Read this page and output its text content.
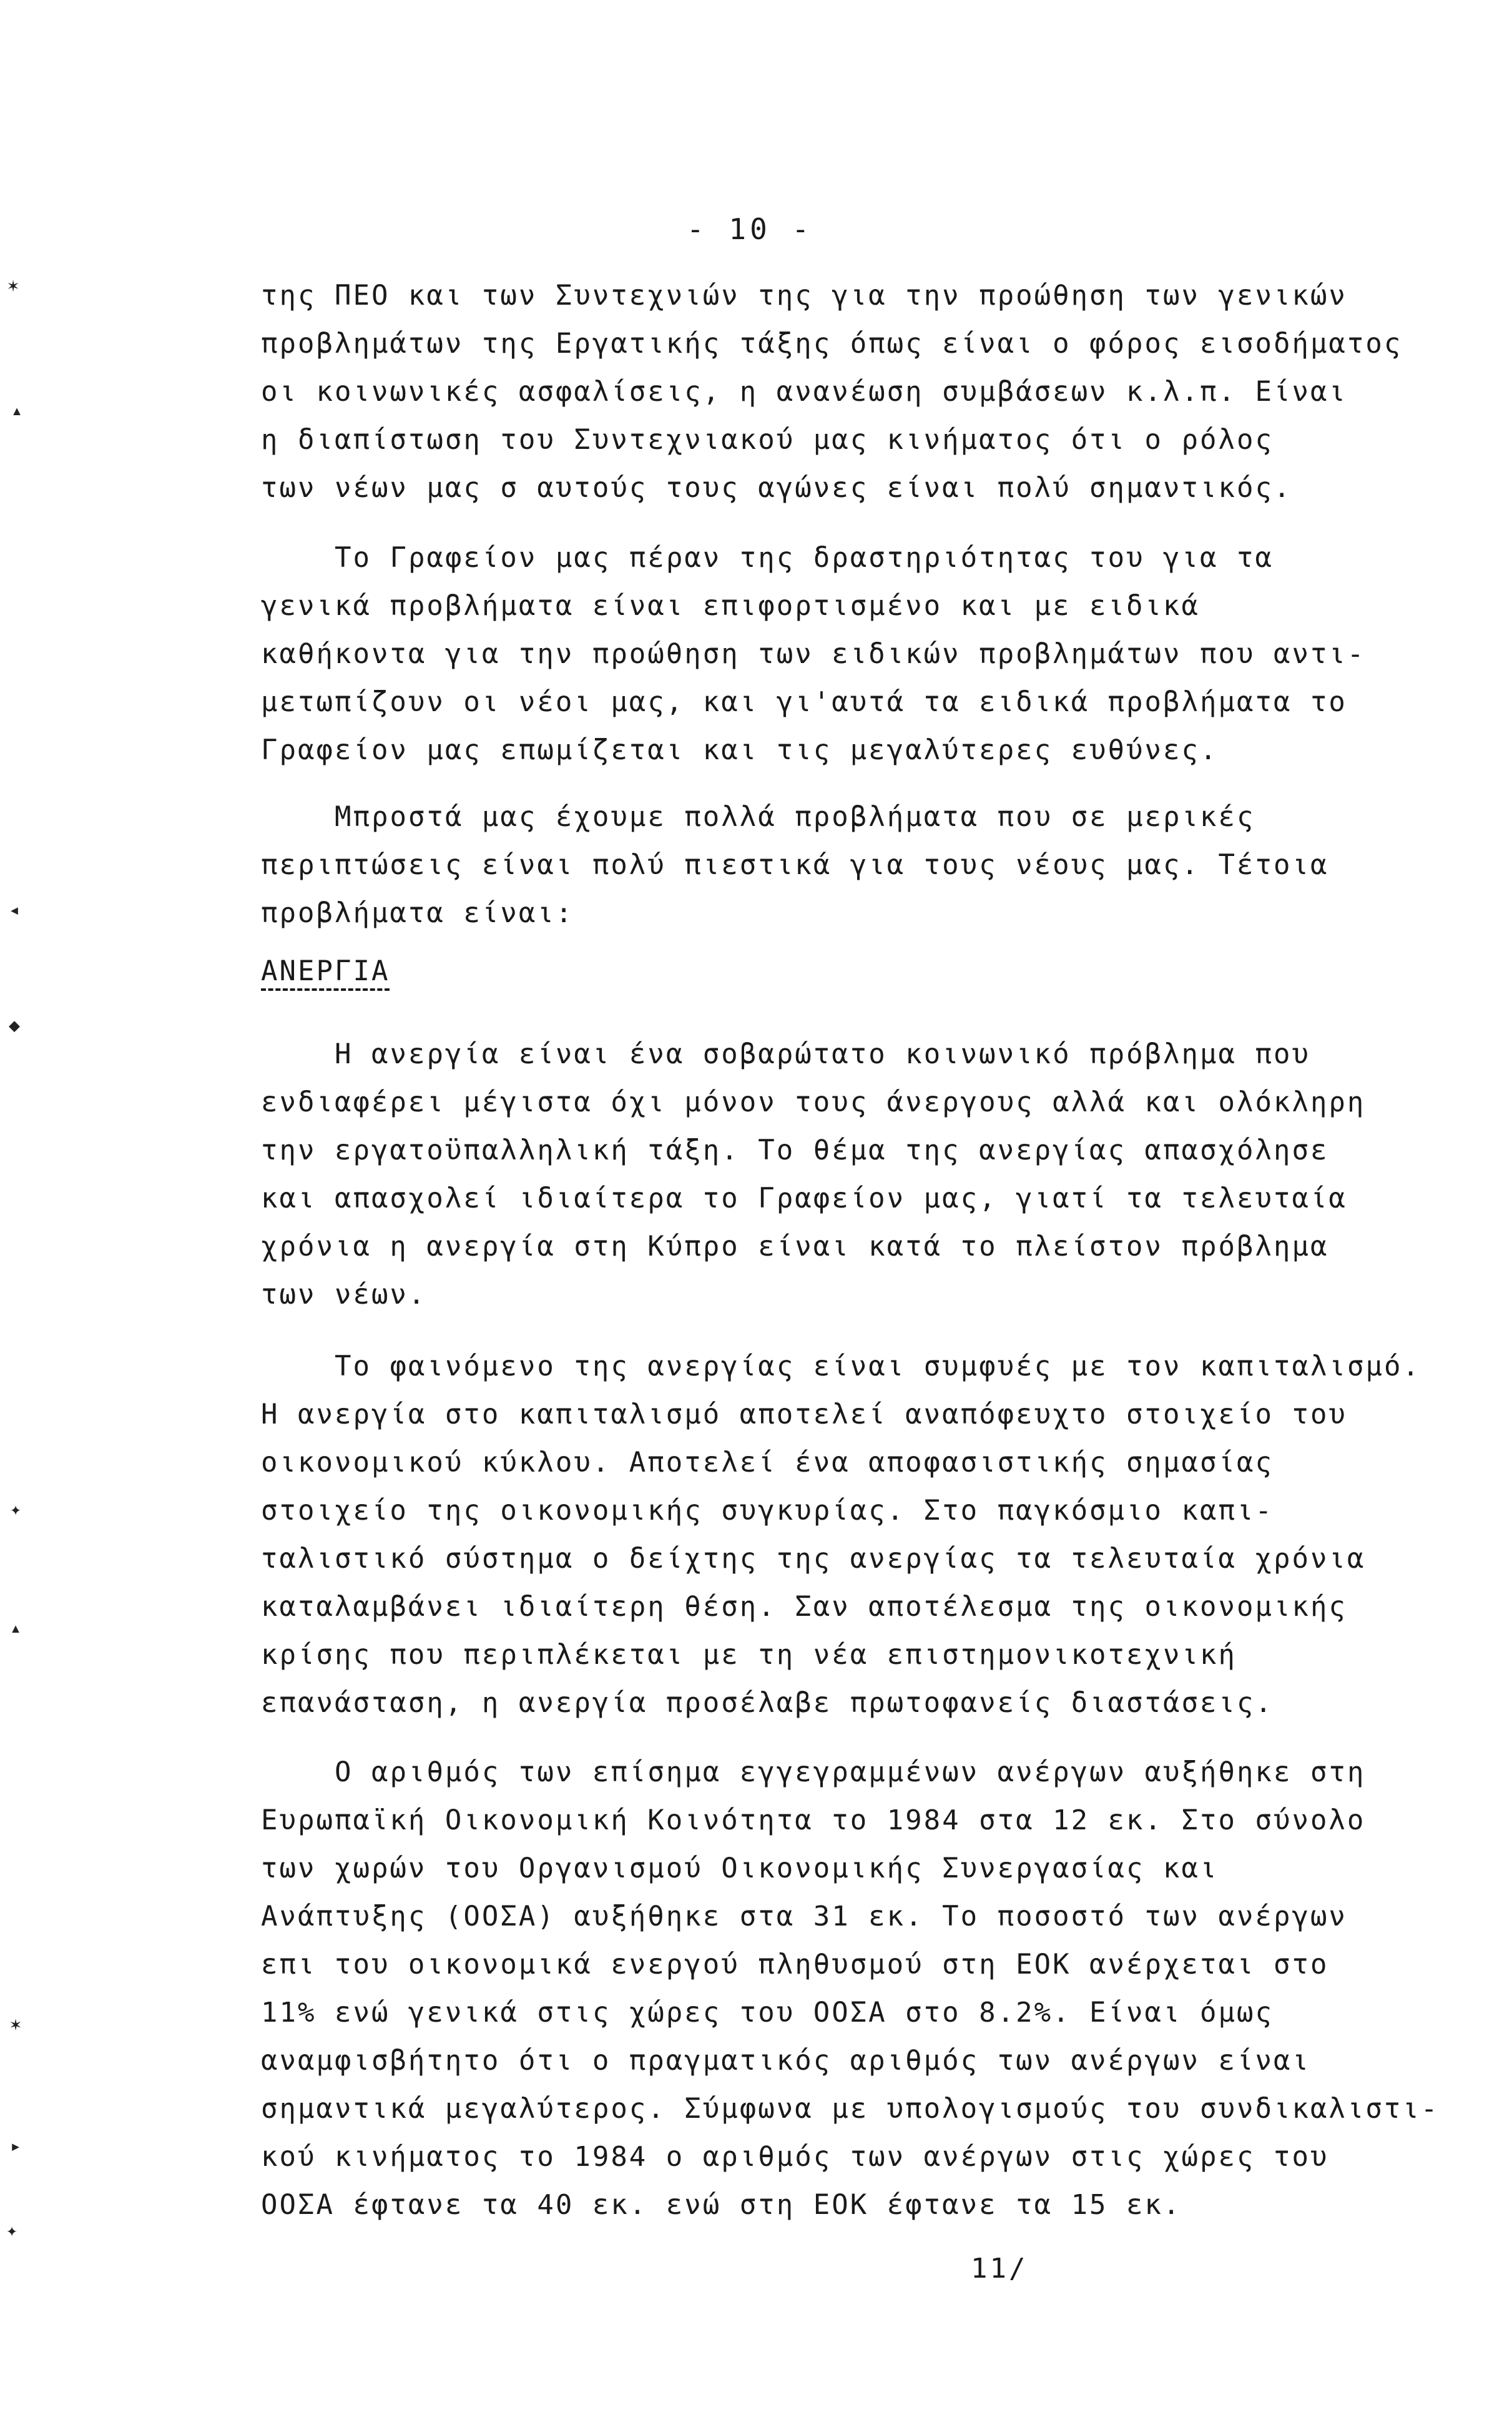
✶
▴
◂
◆
✦
▴
✶
▸
✦
- 10 -
της ΠΕΟ και των Συντεχνιών της για την προώθηση των γενικών
προβλημάτων της Εργατικής τάξης όπως είναι ο φόρος εισοδήματος
οι κοινωνικές ασφαλίσεις, η ανανέωση συμβάσεων κ.λ.π. Είναι
η διαπίστωση του Συντεχνιακού μας κινήματος ότι ο ρόλος
των νέων μας σ αυτούς τους αγώνες είναι πολύ σημαντικός.
Το Γραφείον μας πέραν της δραστηριότητας του για τα
γενικά προβλήματα είναι επιφορτισμένο και με ειδικά
καθήκοντα για την προώθηση των ειδικών προβλημάτων που αντι-
μετωπίζουν οι νέοι μας, και γι'αυτά τα ειδικά προβλήματα το
Γραφείον μας επωμίζεται και τις μεγαλύτερες ευθύνες.
Μπροστά μας έχουμε πολλά προβλήματα που σε μερικές
περιπτώσεις είναι πολύ πιεστικά για τους νέους μας. Τέτοια
προβλήματα είναι:
ΑΝΕΡΓΙΑ
Η ανεργία είναι ένα σοβαρώτατο κοινωνικό πρόβλημα που
ενδιαφέρει μέγιστα όχι μόνον τους άνεργους αλλά και ολόκληρη
την εργατοϋπαλληλική τάξη. Το θέμα της ανεργίας απασχόλησε
και απασχολεί ιδιαίτερα το Γραφείον μας, γιατί τα τελευταία
χρόνια η ανεργία στη Κύπρο είναι κατά το πλείστον πρόβλημα
των νέων.
Το φαινόμενο της ανεργίας είναι συμφυές με τον καπιταλισμό.
Η ανεργία στο καπιταλισμό αποτελεί αναπόφευχτο στοιχείο του
οικονομικού κύκλου. Αποτελεί ένα αποφασιστικής σημασίας
στοιχείο της οικονομικής συγκυρίας. Στο παγκόσμιο καπι-
ταλιστικό σύστημα ο δείχτης της ανεργίας τα τελευταία χρόνια
καταλαμβάνει ιδιαίτερη θέση. Σαν αποτέλεσμα της οικονομικής
κρίσης που περιπλέκεται με τη νέα επιστημονικοτεχνική
επανάσταση, η ανεργία προσέλαβε πρωτοφανείς διαστάσεις.
Ο αριθμός των επίσημα εγγεγραμμένων ανέργων αυξήθηκε στη
Ευρωπαϊκή Οικονομική Κοινότητα το 1984 στα 12 εκ. Στο σύνολο
των χωρών του Οργανισμού Οικονομικής Συνεργασίας και
Ανάπτυξης (ΟΟΣΑ) αυξήθηκε στα 31 εκ. Το ποσοστό των ανέργων
επι του οικονομικά ενεργού πληθυσμού στη ΕΟΚ ανέρχεται στο
11% ενώ γενικά στις χώρες του ΟΟΣΑ στο 8.2%. Είναι όμως
αναμφισβήτητο ότι ο πραγματικός αριθμός των ανέργων είναι
σημαντικά μεγαλύτερος. Σύμφωνα με υπολογισμούς του συνδικαλιστι-
κού κινήματος το 1984 ο αριθμός των ανέργων στις χώρες του
ΟΟΣΑ έφτανε τα 40 εκ. ενώ στη ΕΟΚ έφτανε τα 15 εκ.
11/
